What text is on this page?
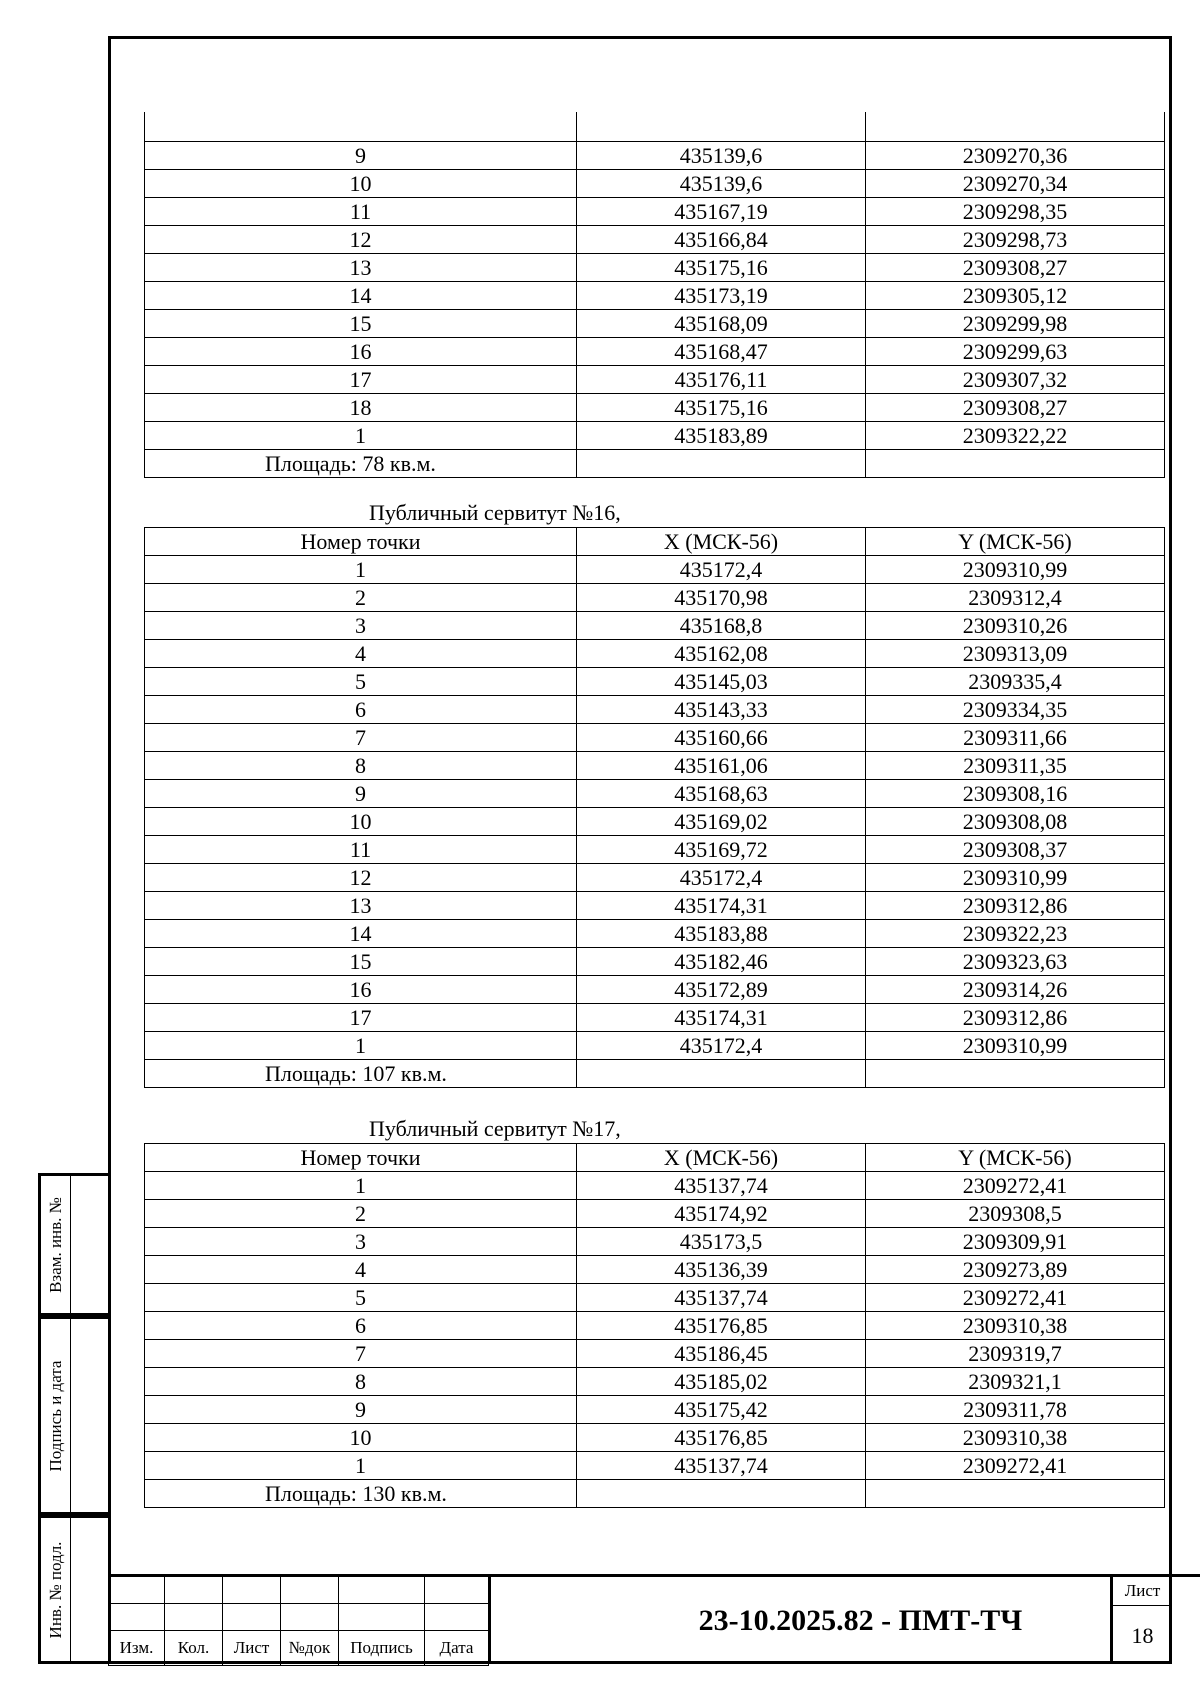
9	435139,6	2309270,36
10	435139,6	2309270,34
11	435167,19	2309298,35
12	435166,84	2309298,73
13	435175,16	2309308,27
14	435173,19	2309305,12
15	435168,09	2309299,98
16	435168,47	2309299,63
17	435176,11	2309307,32
18	435175,16	2309308,27
1	435183,89	2309322,22
Площадь: 78 кв.м.		
Публичный сервитут №16,
Номер точки	X (МСК-56)	Y (МСК-56)
1	435172,4	2309310,99
2	435170,98	2309312,4
3	435168,8	2309310,26
4	435162,08	2309313,09
5	435145,03	2309335,4
6	435143,33	2309334,35
7	435160,66	2309311,66
8	435161,06	2309311,35
9	435168,63	2309308,16
10	435169,02	2309308,08
11	435169,72	2309308,37
12	435172,4	2309310,99
13	435174,31	2309312,86
14	435183,88	2309322,23
15	435182,46	2309323,63
16	435172,89	2309314,26
17	435174,31	2309312,86
1	435172,4	2309310,99
Площадь: 107 кв.м.		
Публичный сервитут №17,
Номер точки	X (МСК-56)	Y (МСК-56)
1	435137,74	2309272,41
2	435174,92	2309308,5
3	435173,5	2309309,91
4	435136,39	2309273,89
5	435137,74	2309272,41
6	435176,85	2309310,38
7	435186,45	2309319,7
8	435185,02	2309321,1
9	435175,42	2309311,78
10	435176,85	2309310,38
1	435137,74	2309272,41
Площадь: 130 кв.м.		
Взам. инв. №
Подпись и дата
Инв. № подл.

Изм.	Кол.	Лист	№док	Подпись	Дата
23-10.2025.82 - ПМТ-ТЧ
Лист
18
